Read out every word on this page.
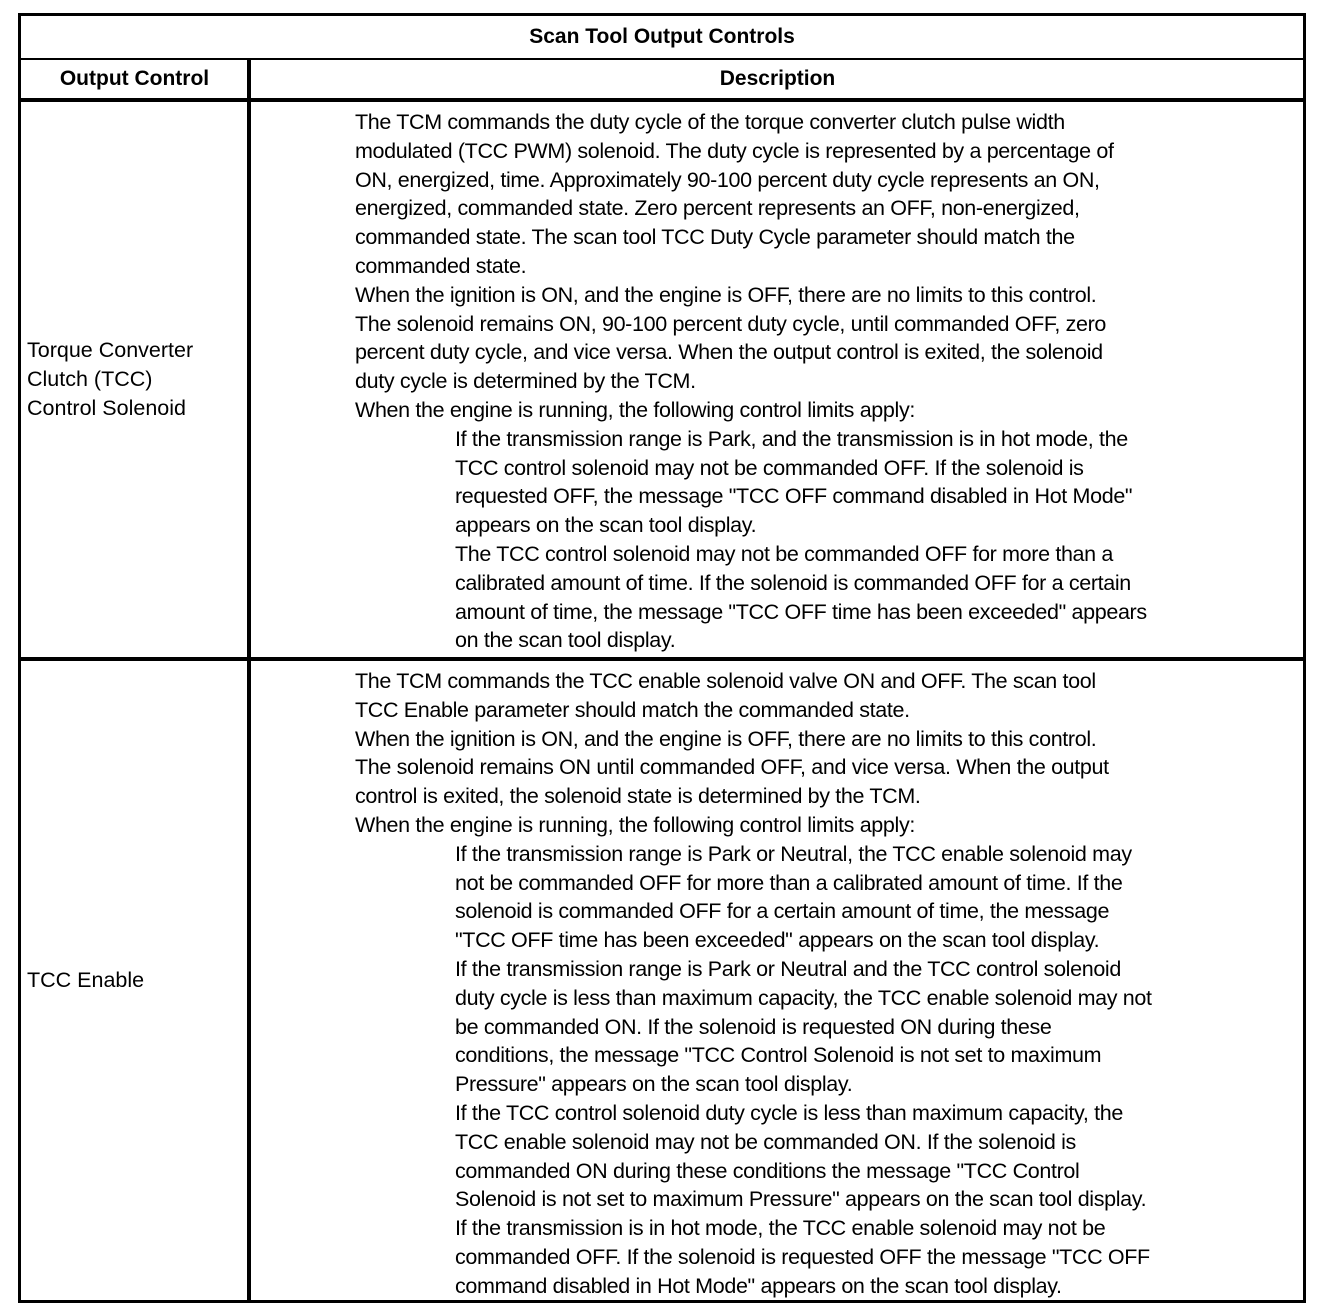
Scan Tool Output Controls
Output Control	Description
Torque Converter
Clutch (TCC)
Control Solenoid
The TCM commands the duty cycle of the torque converter clutch pulse width
modulated (TCC PWM) solenoid. The duty cycle is represented by a percentage of
ON, energized, time. Approximately 90-100 percent duty cycle represents an ON,
energized, commanded state. Zero percent represents an OFF, non-energized,
commanded state. The scan tool TCC Duty Cycle parameter should match the
commanded state.
When the ignition is ON, and the engine is OFF, there are no limits to this control.
The solenoid remains ON, 90-100 percent duty cycle, until commanded OFF, zero
percent duty cycle, and vice versa. When the output control is exited, the solenoid
duty cycle is determined by the TCM.
When the engine is running, the following control limits apply:
If the transmission range is Park, and the transmission is in hot mode, the
TCC control solenoid may not be commanded OFF. If the solenoid is
requested OFF, the message "TCC OFF command disabled in Hot Mode"
appears on the scan tool display.
The TCC control solenoid may not be commanded OFF for more than a
calibrated amount of time. If the solenoid is commanded OFF for a certain
amount of time, the message "TCC OFF time has been exceeded" appears
on the scan tool display.
TCC Enable
The TCM commands the TCC enable solenoid valve ON and OFF. The scan tool
TCC Enable parameter should match the commanded state.
When the ignition is ON, and the engine is OFF, there are no limits to this control.
The solenoid remains ON until commanded OFF, and vice versa. When the output
control is exited, the solenoid state is determined by the TCM.
When the engine is running, the following control limits apply:
If the transmission range is Park or Neutral, the TCC enable solenoid may
not be commanded OFF for more than a calibrated amount of time. If the
solenoid is commanded OFF for a certain amount of time, the message
"TCC OFF time has been exceeded" appears on the scan tool display.
If the transmission range is Park or Neutral and the TCC control solenoid
duty cycle is less than maximum capacity, the TCC enable solenoid may not
be commanded ON. If the solenoid is requested ON during these
conditions, the message "TCC Control Solenoid is not set to maximum
Pressure" appears on the scan tool display.
If the TCC control solenoid duty cycle is less than maximum capacity, the
TCC enable solenoid may not be commanded ON. If the solenoid is
commanded ON during these conditions the message "TCC Control
Solenoid is not set to maximum Pressure" appears on the scan tool display.
If the transmission is in hot mode, the TCC enable solenoid may not be
commanded OFF. If the solenoid is requested OFF the message "TCC OFF
command disabled in Hot Mode" appears on the scan tool display.
